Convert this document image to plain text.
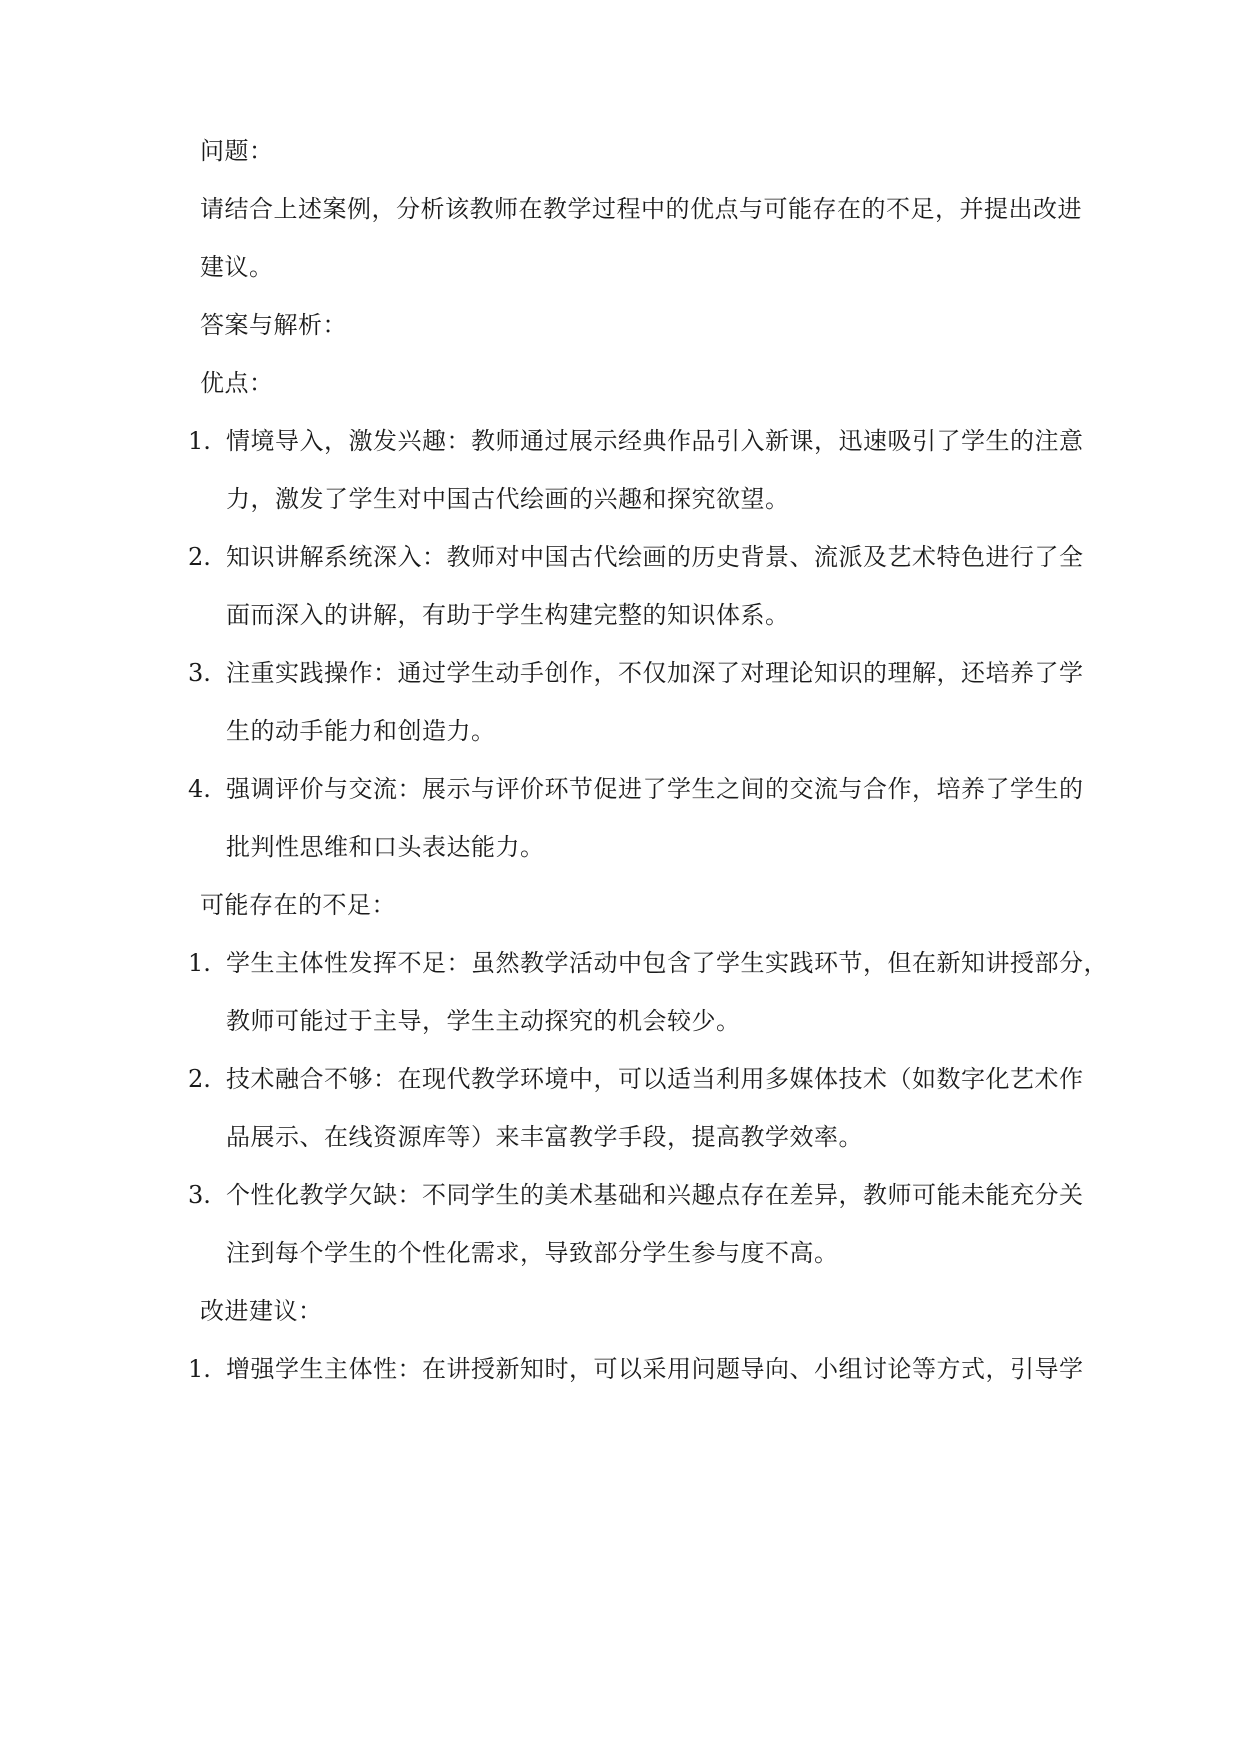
问题：
请结合上述案例，分析该教师在教学过程中的优点与可能存在的不足，并提出改进
建议。
答案与解析：
优点：
1. 情境导入，激发兴趣：教师通过展示经典作品引入新课，迅速吸引了学生的注意
力，激发了学生对中国古代绘画的兴趣和探究欲望。
2. 知识讲解系统深入：教师对中国古代绘画的历史背景、流派及艺术特色进行了全
面而深入的讲解，有助于学生构建完整的知识体系。
3. 注重实践操作：通过学生动手创作，不仅加深了对理论知识的理解，还培养了学
生的动手能力和创造力。
4. 强调评价与交流：展示与评价环节促进了学生之间的交流与合作，培养了学生的
批判性思维和口头表达能力。
可能存在的不足：
1. 学生主体性发挥不足：虽然教学活动中包含了学生实践环节，但在新知讲授部分，
教师可能过于主导，学生主动探究的机会较少。
2. 技术融合不够：在现代教学环境中，可以适当利用多媒体技术（如数字化艺术作
品展示、在线资源库等）来丰富教学手段，提高教学效率。
3. 个性化教学欠缺：不同学生的美术基础和兴趣点存在差异，教师可能未能充分关
注到每个学生的个性化需求，导致部分学生参与度不高。
改进建议：
1. 增强学生主体性：在讲授新知时，可以采用问题导向、小组讨论等方式，引导学
